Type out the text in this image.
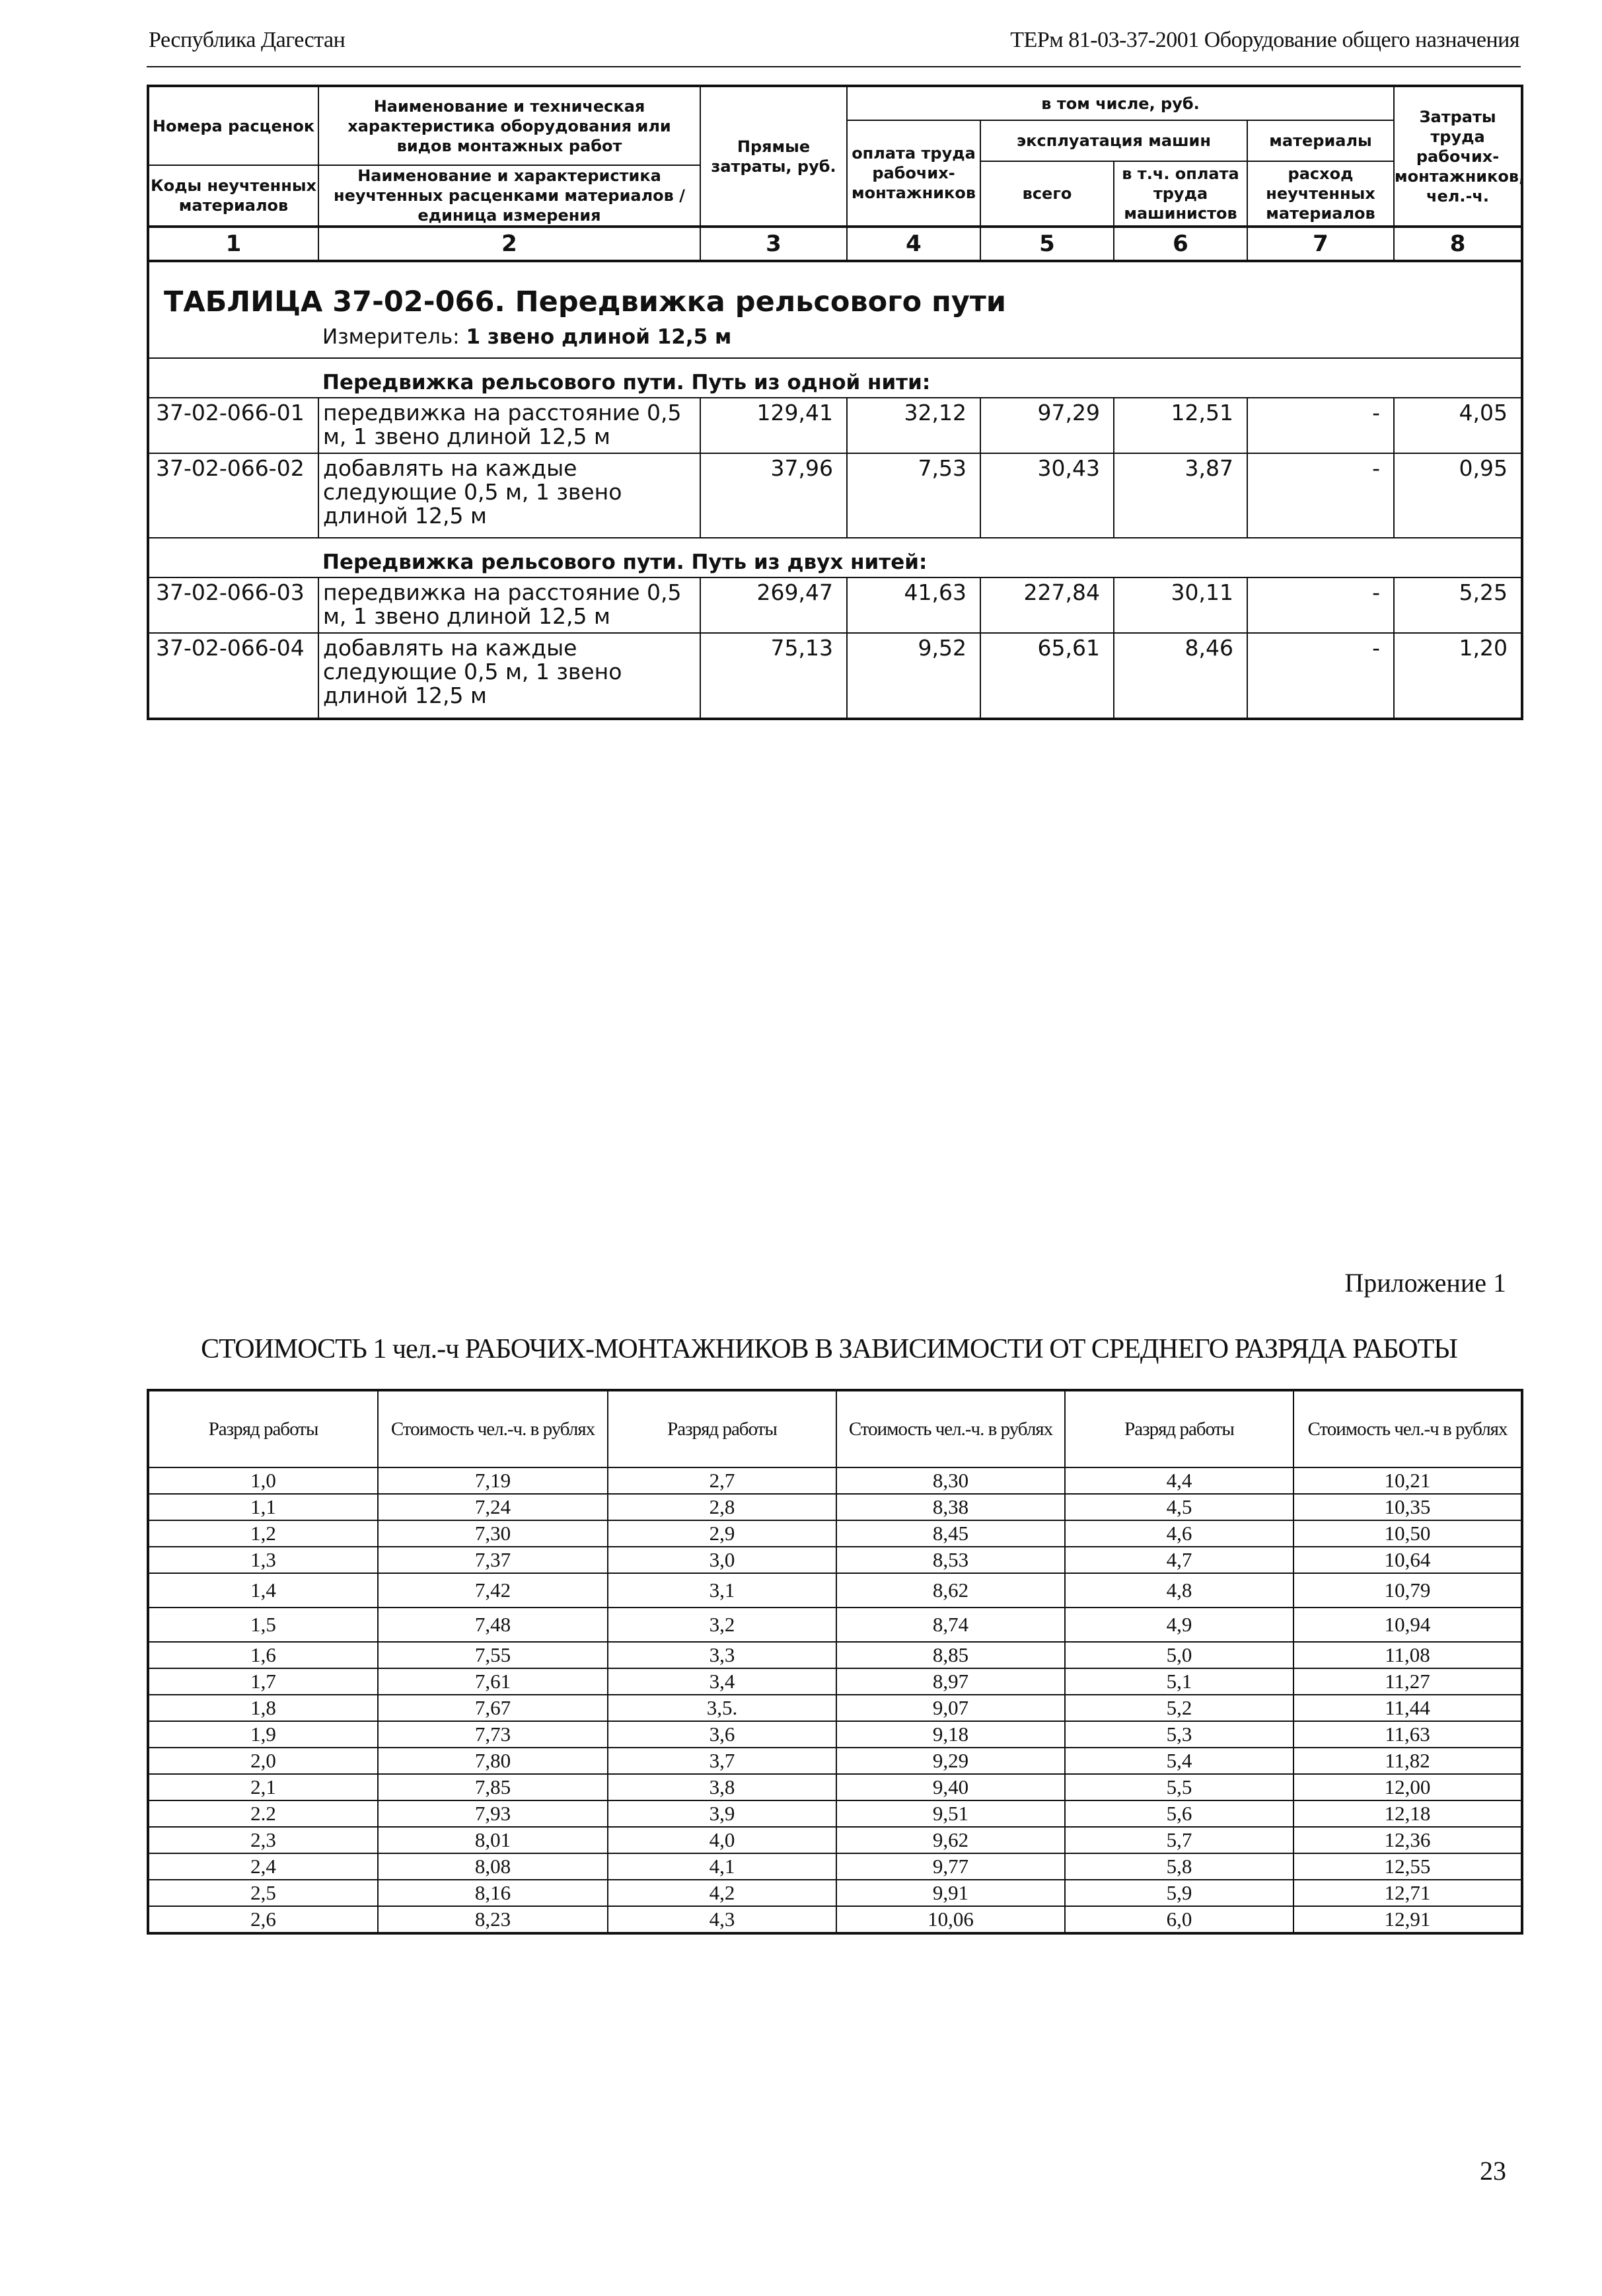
Республика Дагестан	ТЕРм 81-03-37-2001 Оборудование общего назначения
Номера расценок	Наименование и техническая характеристика оборудования или видов монтажных работ	Прямые затраты, руб.	в том числе, руб.				Затраты труда рабочих-монтажников, чел.-ч.
			оплата труда рабочих-монтажников	эксплуатация машин		материалы	
				всего	в т.ч. оплата труда машинистов	расход неучтенных материалов	
Коды неучтенных материалов	Наименование и характеристика неучтенных расценками материалов / единица измерения						

1	2	3	4	5	6	7	8

ТАБЛИЦА 37-02-066. Передвижка рельсового пути
Измеритель: 1 звено длиной 12,5 м							

Передвижка рельсового пути. Путь из одной нити:							

37-02-066-01	передвижка на расстояние 0,5 м, 1 звено длиной 12,5 м	129,41	32,12	97,29	12,51	-	4,05
37-02-066-02	добавлять на каждые следующие 0,5 м, 1 звено длиной 12,5 м	37,96	7,53	30,43	3,87	-	0,95

Передвижка рельсового пути. Путь из двух нитей:							

37-02-066-03	передвижка на расстояние 0,5 м, 1 звено длиной 12,5 м	269,47	41,63	227,84	30,11	-	5,25
37-02-066-04	добавлять на каждые следующие 0,5 м, 1 звено длиной 12,5 м	75,13	9,52	65,61	8,46	-	1,20
Приложение 1
СТОИМОСТЬ 1 чел.-ч РАБОЧИХ-МОНТАЖНИКОВ В ЗАВИСИМОСТИ ОТ СРЕДНЕГО РАЗРЯДА РАБОТЫ
Разряд работы	Стоимость чел.-ч. в рублях	Разряд работы	Стоимость чел.-ч. в рублях	Разряд работы	Стоимость чел.-ч в рублях
1,0	7,19	2,7	8,30	4,4	10,21
1,1	7,24	2,8	8,38	4,5	10,35
1,2	7,30	2,9	8,45	4,6	10,50
1,3	7,37	3,0	8,53	4,7	10,64
1,4	7,42	3,1	8,62	4,8	10,79
1,5	7,48	3,2	8,74	4,9	10,94
1,6	7,55	3,3	8,85	5,0	11,08
1,7	7,61	3,4	8,97	5,1	11,27
1,8	7,67	3,5.	9,07	5,2	11,44
1,9	7,73	3,6	9,18	5,3	11,63
2,0	7,80	3,7	9,29	5,4	11,82
2,1	7,85	3,8	9,40	5,5	12,00
2.2	7,93	3,9	9,51	5,6	12,18
2,3	8,01	4,0	9,62	5,7	12,36
2,4	8,08	4,1	9,77	5,8	12,55
2,5	8,16	4,2	9,91	5,9	12,71
2,6	8,23	4,3	10,06	6,0	12,91
23
